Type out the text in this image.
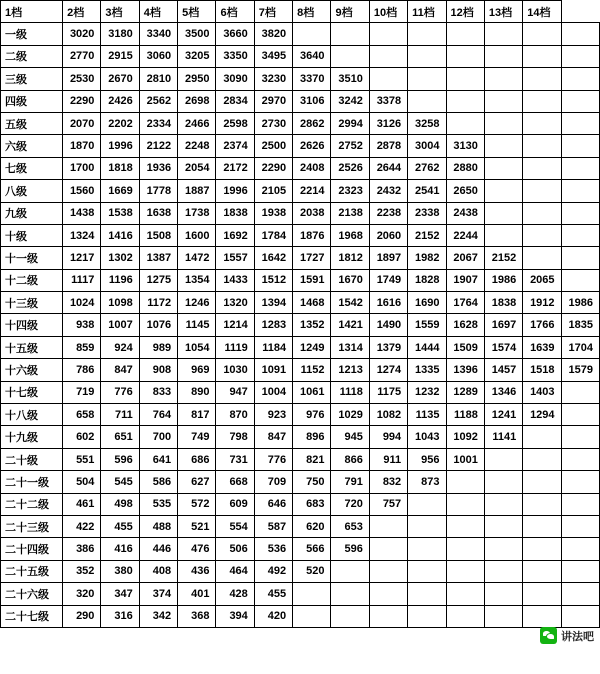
1档	2档	3档	4档	5档	6档	7档	8档	9档	10档	11档	12档	13档	14档	
一级	3020	3180	3340	3500	3660	3820								
二级	2770	2915	3060	3205	3350	3495	3640							
三级	2530	2670	2810	2950	3090	3230	3370	3510						
四级	2290	2426	2562	2698	2834	2970	3106	3242	3378					
五级	2070	2202	2334	2466	2598	2730	2862	2994	3126	3258				
六级	1870	1996	2122	2248	2374	2500	2626	2752	2878	3004	3130			
七级	1700	1818	1936	2054	2172	2290	2408	2526	2644	2762	2880			
八级	1560	1669	1778	1887	1996	2105	2214	2323	2432	2541	2650			
九级	1438	1538	1638	1738	1838	1938	2038	2138	2238	2338	2438			
十级	1324	1416	1508	1600	1692	1784	1876	1968	2060	2152	2244			
十一级	1217	1302	1387	1472	1557	1642	1727	1812	1897	1982	2067	2152		
十二级	1117	1196	1275	1354	1433	1512	1591	1670	1749	1828	1907	1986	2065	
十三级	1024	1098	1172	1246	1320	1394	1468	1542	1616	1690	1764	1838	1912	1986
十四级	938	1007	1076	1145	1214	1283	1352	1421	1490	1559	1628	1697	1766	1835
十五级	859	924	989	1054	1119	1184	1249	1314	1379	1444	1509	1574	1639	1704
十六级	786	847	908	969	1030	1091	1152	1213	1274	1335	1396	1457	1518	1579
十七级	719	776	833	890	947	1004	1061	1118	1175	1232	1289	1346	1403	
十八级	658	711	764	817	870	923	976	1029	1082	1135	1188	1241	1294	
十九级	602	651	700	749	798	847	896	945	994	1043	1092	1141		
二十级	551	596	641	686	731	776	821	866	911	956	1001			
二十一级	504	545	586	627	668	709	750	791	832	873				
二十二级	461	498	535	572	609	646	683	720	757					
二十三级	422	455	488	521	554	587	620	653						
二十四级	386	416	446	476	506	536	566	596						
二十五级	352	380	408	436	464	492	520							
二十六级	320	347	374	401	428	455								
二十七级	290	316	342	368	394	420								
讲法吧
